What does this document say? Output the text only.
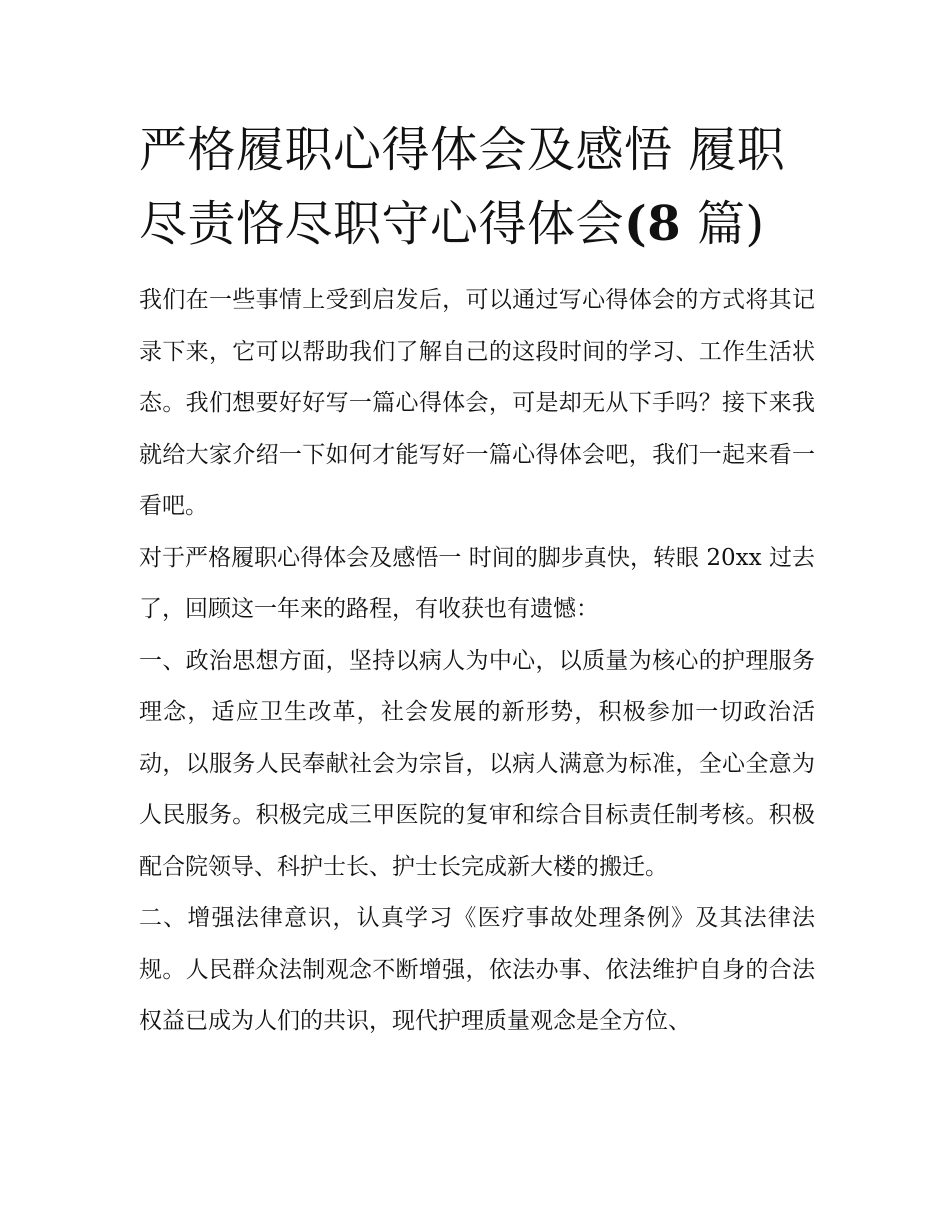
严格履职心得体会及感悟 履职尽责恪尽职守心得体会(8 篇)

我们在一些事情上受到启发后，可以通过写心得体会的方式将其记录下来，它可以帮助我们了解自己的这段时间的学习、工作生活状态。我们想要好好写一篇心得体会，可是却无从下手吗？接下来我就给大家介绍一下如何才能写好一篇心得体会吧，我们一起来看一看吧。

对于严格履职心得体会及感悟一 时间的脚步真快，转眼 20xx 过去了，回顾这一年来的路程，有收获也有遗憾：

一、政治思想方面，坚持以病人为中心，以质量为核心的护理服务理念，适应卫生改革，社会发展的新形势，积极参加一切政治活动，以服务人民奉献社会为宗旨，以病人满意为标准，全心全意为人民服务。积极完成三甲医院的复审和综合目标责任制考核。积极配合院领导、科护士长、护士长完成新大楼的搬迁。

二、增强法律意识，认真学习《医疗事故处理条例》及其法律法规。人民群众法制观念不断增强，依法办事、依法维护自身的合法权益已成为人们的共识，现代护理质量观念是全方位、
